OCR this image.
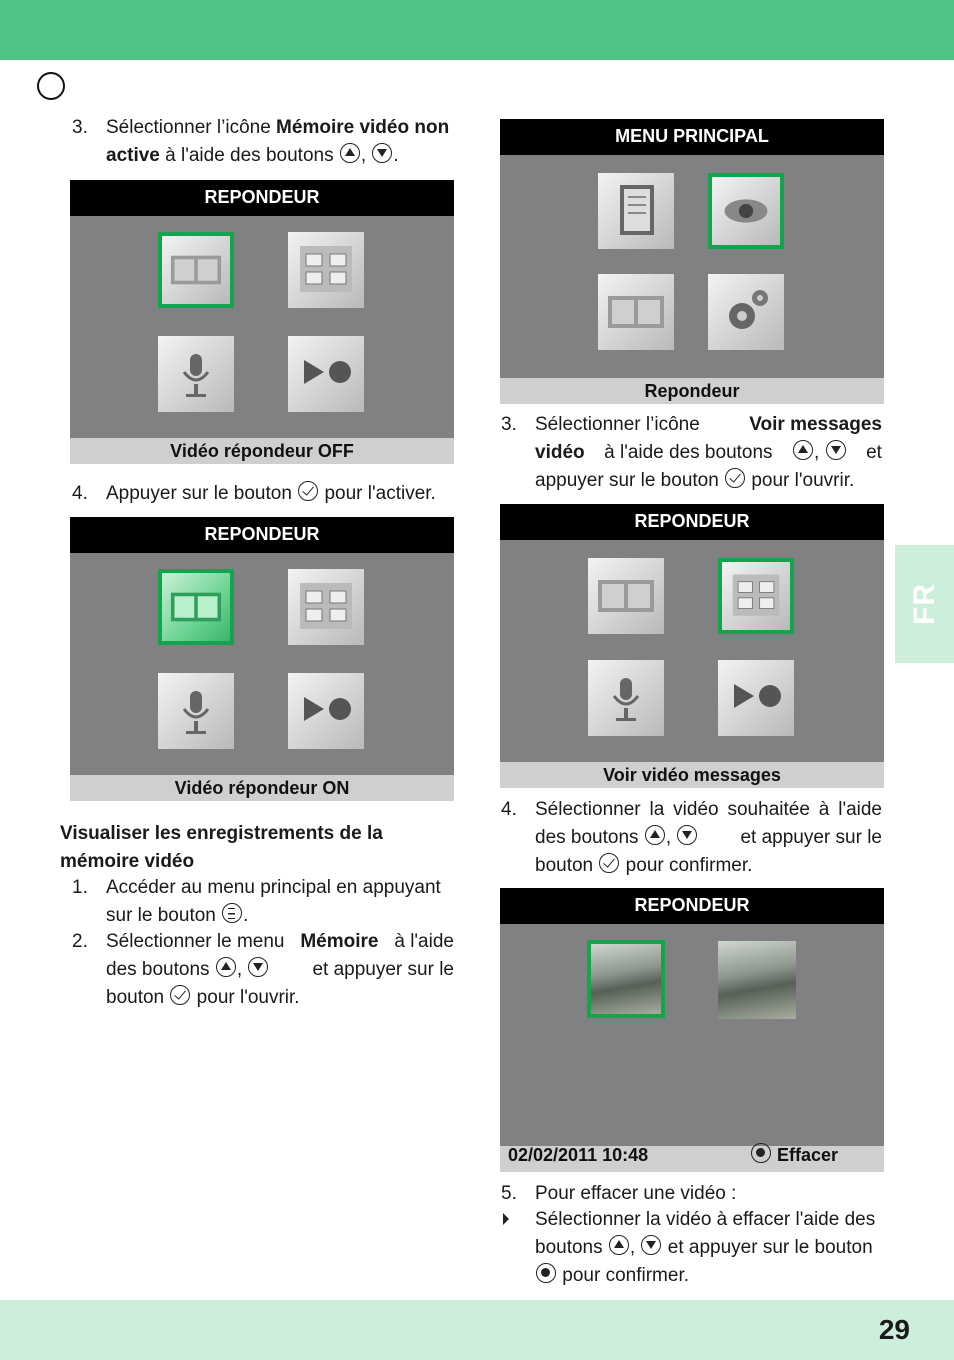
FR
29
3. Sélectionner l’icône Mémoire vidéo non
active à l'aide des boutons , .
REPONDEUR
Vidéo répondeur OFF
4. Appuyer sur le bouton  pour l'activer.
REPONDEUR
Vidéo répondeur ON
Visualiser les enregistrements de la
mémoire vidéo
1. Accéder au menu principal en appuyant
sur le bouton .
2. Sélectionner le menu Mémoire à l'aide
des boutons ,	et appuyer sur le
bouton  pour l'ouvrir.
MENU PRINCIPAL
Repondeur
3. Sélectionner l’icône	Voir messages
vidéo à l'aide des boutons	,	et
appuyer sur le bouton  pour l'ouvrir.
REPONDEUR
Voir vidéo messages
4. Sélectionner la vidéo souhaitée à l'aide
des boutons ,	et appuyer sur le
bouton  pour confirmer.
REPONDEUR
02/02/2011 10:48	Effacer
5. Pour effacer une vidéo :
Sélectionner la vidéo à effacer l'aide des
boutons ,  et appuyer sur le bouton
pour confirmer.
